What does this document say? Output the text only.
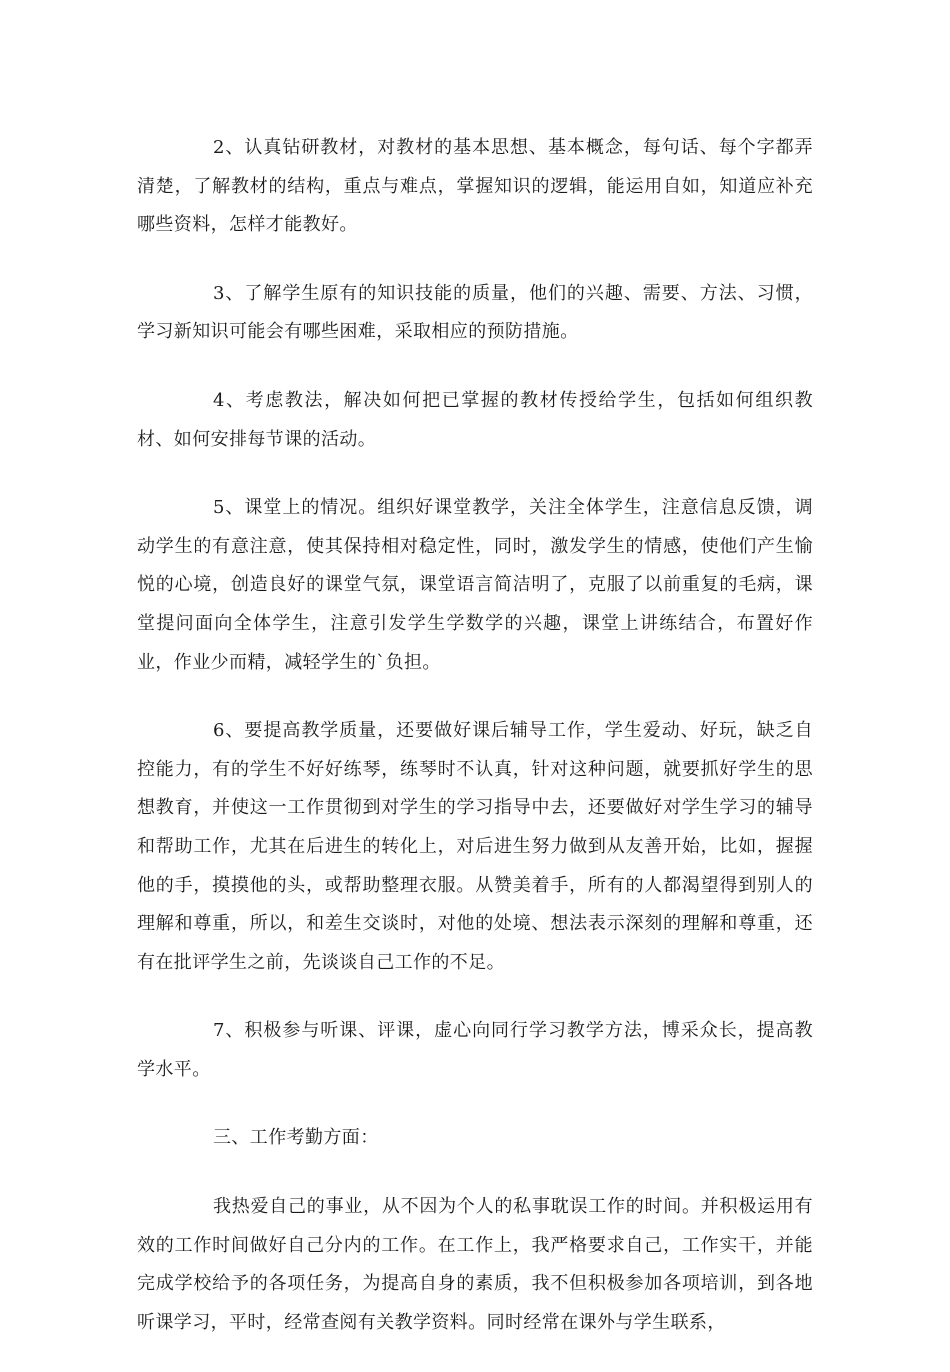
2、认真钻研教材，对教材的基本思想、基本概念，每句话、每个字都弄清楚，了解教材的结构，重点与难点，掌握知识的逻辑，能运用自如，知道应补充哪些资料，怎样才能教好。

3、了解学生原有的知识技能的质量，他们的兴趣、需要、方法、习惯，学习新知识可能会有哪些困难，采取相应的预防措施。

4、考虑教法，解决如何把已掌握的教材传授给学生，包括如何组织教材、如何安排每节课的活动。

5、课堂上的情况。组织好课堂教学，关注全体学生，注意信息反馈，调动学生的有意注意，使其保持相对稳定性，同时，激发学生的情感，使他们产生愉悦的心境，创造良好的课堂气氛，课堂语言简洁明了，克服了以前重复的毛病，课堂提问面向全体学生，注意引发学生学数学的兴趣，课堂上讲练结合，布置好作业，作业少而精，减轻学生的`负担。

6、要提高教学质量，还要做好课后辅导工作，学生爱动、好玩，缺乏自控能力，有的学生不好好练琴，练琴时不认真，针对这种问题，就要抓好学生的思想教育，并使这一工作贯彻到对学生的学习指导中去，还要做好对学生学习的辅导和帮助工作，尤其在后进生的转化上，对后进生努力做到从友善开始，比如，握握他的手，摸摸他的头，或帮助整理衣服。从赞美着手，所有的人都渴望得到别人的理解和尊重，所以，和差生交谈时，对他的处境、想法表示深刻的理解和尊重，还有在批评学生之前，先谈谈自己工作的不足。

7、积极参与听课、评课，虚心向同行学习教学方法，博采众长，提高教学水平。

三、工作考勤方面：

我热爱自己的事业，从不因为个人的私事耽误工作的时间。并积极运用有效的工作时间做好自己分内的工作。在工作上，我严格要求自己，工作实干，并能完成学校给予的各项任务，为提高自身的素质，我不但积极参加各项培训，到各地听课学习，平时，经常查阅有关教学资料。同时经常在课外与学生联系，
